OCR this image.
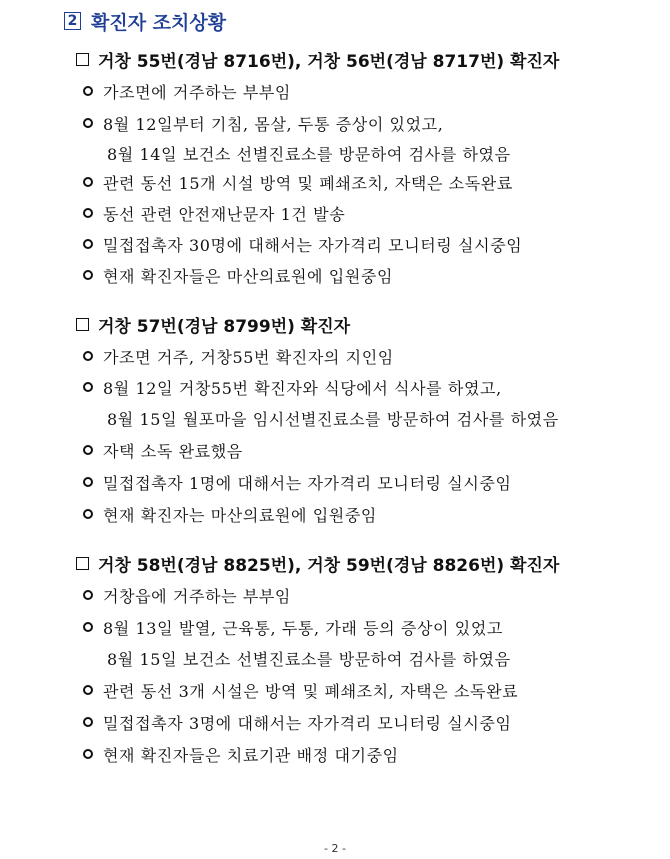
2 확진자 조치상황
거창 55번(경남 8716번), 거창 56번(경남 8717번) 확진자
가조면에 거주하는 부부임
8월 12일부터 기침, 몸살, 두통 증상이 있었고,
8월 14일 보건소 선별진료소를 방문하여 검사를 하였음
관련 동선 15개 시설 방역 및 폐쇄조치, 자택은 소독완료
동선 관련 안전재난문자 1건 발송
밀접접촉자 30명에 대해서는 자가격리 모니터링 실시중임
현재 확진자들은 마산의료원에 입원중임
거창 57번(경남 8799번) 확진자
가조면 거주, 거창55번 확진자의 지인임
8월 12일 거창55번 확진자와 식당에서 식사를 하였고,
8월 15일 월포마을 임시선별진료소를 방문하여 검사를 하였음
자택 소독 완료했음
밀접접촉자 1명에 대해서는 자가격리 모니터링 실시중임
현재 확진자는 마산의료원에 입원중임
거창 58번(경남 8825번), 거창 59번(경남 8826번) 확진자
거창읍에 거주하는 부부임
8월 13일 발열, 근육통, 두통, 가래 등의 증상이 있었고
8월 15일 보건소 선별진료소를 방문하여 검사를 하였음
관련 동선 3개 시설은 방역 및 폐쇄조치, 자택은 소독완료
밀접접촉자 3명에 대해서는 자가격리 모니터링 실시중임
현재 확진자들은 치료기관 배정 대기중임
- 2 -
